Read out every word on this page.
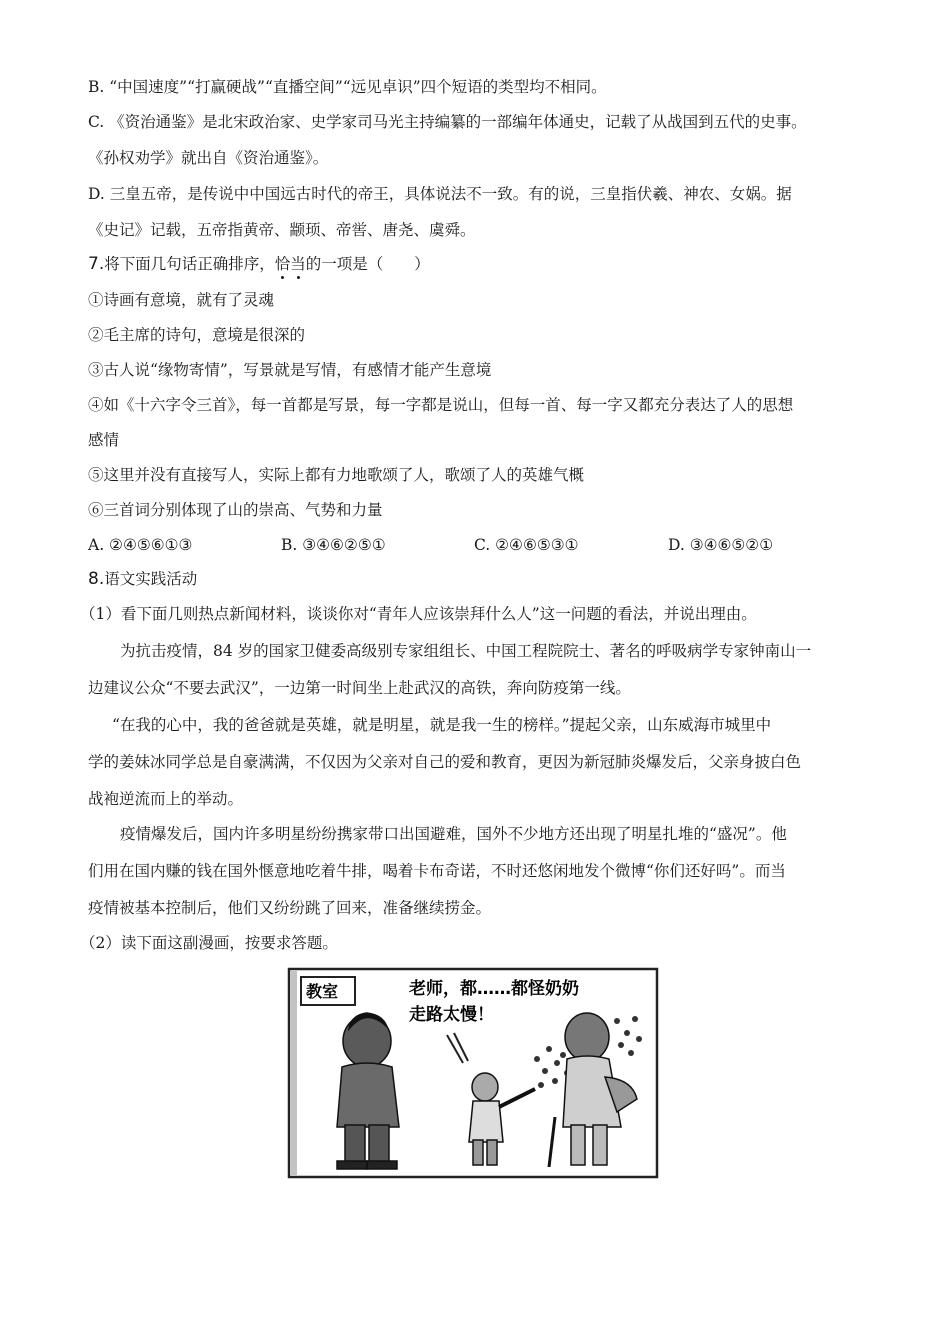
B. “中国速度”“打赢硬战”“直播空间”“远见卓识”四个短语的类型均不相同。
C. 《资治通鉴》是北宋政治家、史学家司马光主持编纂的一部编年体通史，记载了从战国到五代的史事。
《孙权劝学》就出自《资治通鉴》。
D. 三皇五帝，是传说中中国远古时代的帝王，具体说法不一致。有的说，三皇指伏羲、神农、女娲。据
《史记》记载，五帝指黄帝、颛顼、帝喾、唐尧、虞舜。
7.将下面几句话正确排序，恰当的一项是（　　）
①诗画有意境，就有了灵魂
②毛主席的诗句，意境是很深的
③古人说“缘物寄情”，写景就是写情，有感情才能产生意境
④如《十六字令三首》，每一首都是写景，每一字都是说山，但每一首、每一字又都充分表达了人的思想
感情
⑤这里并没有直接写人，实际上都有力地歌颂了人，歌颂了人的英雄气概
⑥三首词分别体现了山的崇高、气势和力量
A. ②④⑤⑥①③	B. ③④⑥②⑤①	C. ②④⑥⑤③①	D. ③④⑥⑤②①
8.语文实践活动
（1）看下面几则热点新闻材料，谈谈你对“青年人应该崇拜什么人”这一问题的看法，并说出理由。
为抗击疫情，84 岁的国家卫健委高级别专家组组长、中国工程院院士、著名的呼吸病学专家钟南山一
边建议公众“不要去武汉”，一边第一时间坐上赴武汉的高铁，奔向防疫第一线。
“在我的心中，我的爸爸就是英雄，就是明星，就是我一生的榜样。”提起父亲，山东威海市城里中
学的姜妹冰同学总是自豪满满，不仅因为父亲对自己的爱和教育，更因为新冠肺炎爆发后，父亲身披白色
战袍逆流而上的举动。
疫情爆发后，国内许多明星纷纷携家带口出国避难，国外不少地方还出现了明星扎堆的“盛况”。他
们用在国内赚的钱在国外惬意地吃着牛排，喝着卡布奇诺，不时还悠闲地发个微博“你们还好吗”。而当
疫情被基本控制后，他们又纷纷跳了回来，准备继续捞金。
（2）读下面这副漫画，按要求答题。
教室	老师，都……都怪奶奶
走路太慢！
